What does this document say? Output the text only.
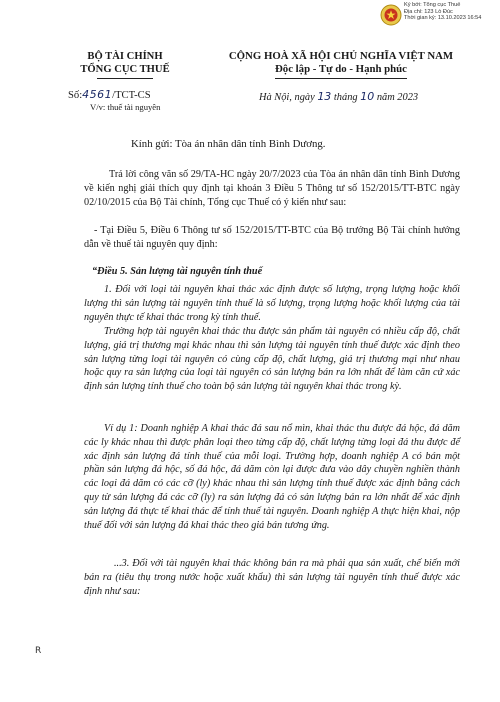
Ký bởi: Tổng cục Thuế
Địa chỉ: 123 Lò Đúc
Thời gian ký: 13.10.2023 16:54
BỘ TÀI CHÍNH
TỔNG CỤC THUẾ
CỘNG HOÀ XÃ HỘI CHỦ NGHĨA VIỆT NAM
Độc lập - Tự do - Hạnh phúc
Số:4561/TCT-CS
V/v: thuế tài nguyên
Hà Nội, ngày 13 tháng 10 năm 2023
Kính gửi: Tòa án nhân dân tỉnh Bình Dương.
Trả lời công văn số 29/TA-HC ngày 20/7/2023 của Tòa án nhân dân tỉnh Bình Dương về kiến nghị giải thích quy định tại khoản 3 Điều 5 Thông tư số 152/2015/TT-BTC ngày 02/10/2015 của Bộ Tài chính, Tổng cục Thuế có ý kiến như sau:
- Tại Điều 5, Điều 6 Thông tư số 152/2015/TT-BTC của Bộ trưởng Bộ Tài chính hướng dẫn về thuế tài nguyên quy định:
“Điều 5. Sản lượng tài nguyên tính thuế
1. Đối với loại tài nguyên khai thác xác định được số lượng, trọng lượng hoặc khối lượng thì sản lượng tài nguyên tính thuế là số lượng, trọng lượng hoặc khối lượng của tài nguyên thực tế khai thác trong kỳ tính thuế.
Trường hợp tài nguyên khai thác thu được sản phẩm tài nguyên có nhiều cấp độ, chất lượng, giá trị thương mại khác nhau thì sản lượng tài nguyên tính thuế được xác định theo sản lượng từng loại tài nguyên có cùng cấp độ, chất lượng, giá trị thương mại như nhau hoặc quy ra sản lượng của loại tài nguyên có sản lượng bán ra lớn nhất để làm căn cứ xác định sản lượng tính thuế cho toàn bộ sản lượng tài nguyên khai thác trong kỳ.
Ví dụ 1: Doanh nghiệp A khai thác đá sau nổ mìn, khai thác thu được đá hộc, đá dăm các ly khác nhau thì được phân loại theo từng cấp độ, chất lượng từng loại đá thu được để xác định sản lượng đá tính thuế của mỗi loại. Trường hợp, doanh nghiệp A có bán một phần sản lượng đá hộc, số đá hộc, đá dăm còn lại được đưa vào dây chuyền nghiền thành các loại đá dăm có các cỡ (ly) khác nhau thì sản lượng tính thuế được xác định bằng cách quy từ sản lượng đá các cỡ (ly) ra sản lượng đá có sản lượng bán ra lớn nhất để xác định sản lượng đá thực tế khai thác để tính thuế tài nguyên. Doanh nghiệp A thực hiện khai, nộp thuế đối với sản lượng đá khai thác theo giá bán tương ứng.
...3. Đối với tài nguyên khai thác không bán ra mà phải qua sản xuất, chế biến mới bán ra (tiêu thụ trong nước hoặc xuất khẩu) thì sản lượng tài nguyên tính thuế được xác định như sau:
R
